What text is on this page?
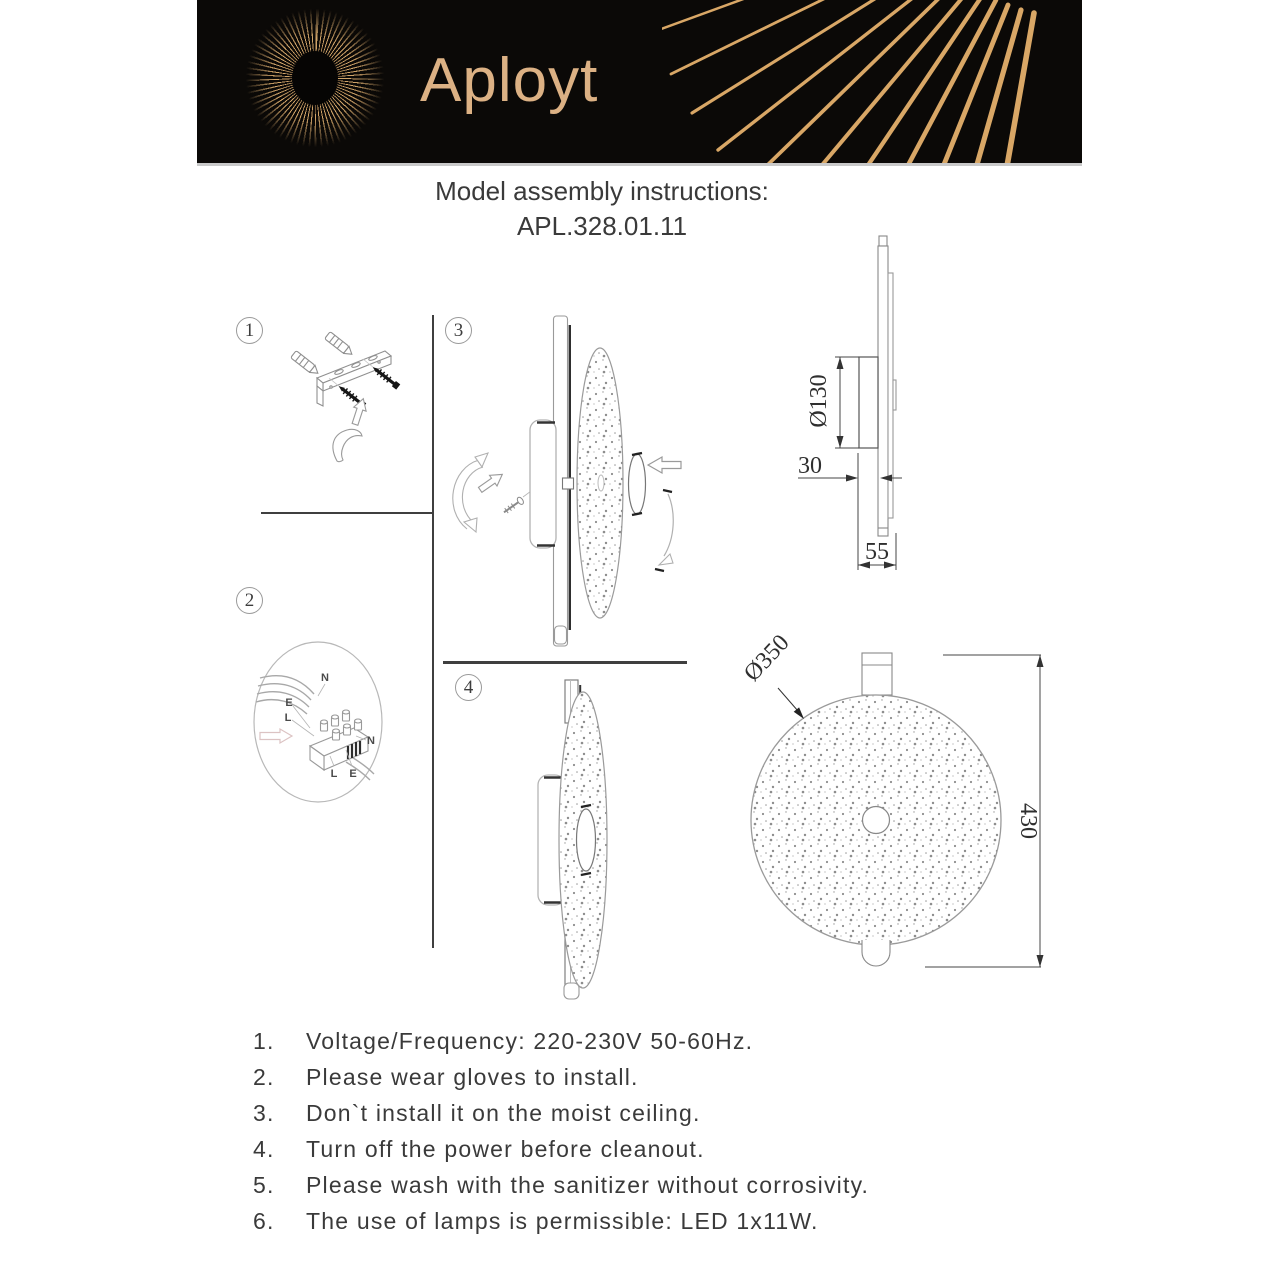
Aployt
Model assembly instructions:
APL.328.01.11
1
2
3
4
N
E
L
N
L E
Ø130
30
55
Ø350
430
1.	Voltage/Frequency: 220-230V 50-60Hz.
2.	Please wear gloves to install.
3.	Don`t install it on the moist ceiling.
4.	Turn off the power before cleanout.
5.	Please wash with the sanitizer without corrosivity.
6.	The use of lamps is permissible: LED 1x11W.
